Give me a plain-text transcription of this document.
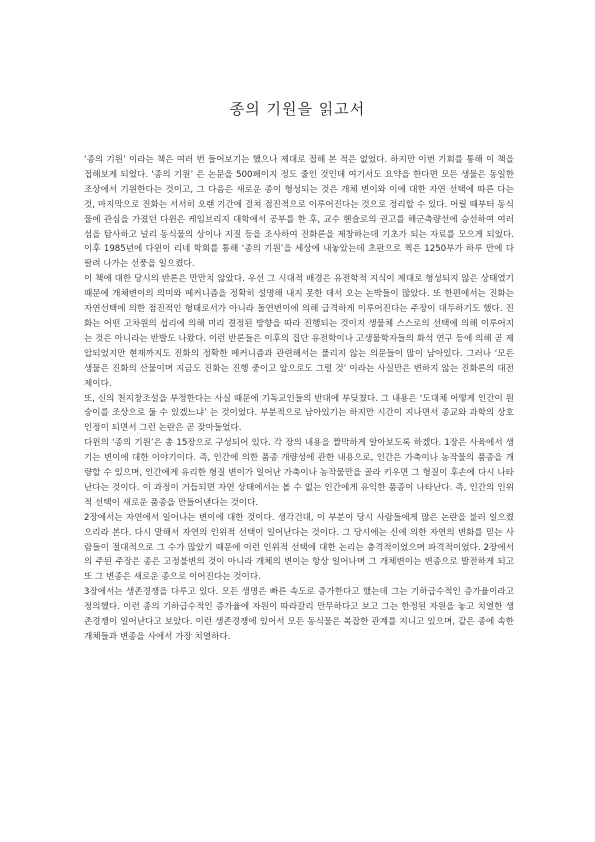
종의 기원을 읽고서

‘종의 기원’ 이라는 책은 여러 번 들어보기는 했으나 제대로 접해 본 적은 없었다. 하지만 이번 기회를 통해 이 책을 접해보게 되었다. ‘종의 기원’ 은 논문을 500페이지 정도 줄인 것인데 여기서도 요약을 한다면 모든 생물은 동일한 조상에서 기원한다는 것이고, 그 다음은 새로운 종이 형성되는 것은 개체 변이와 이에 대한 자연 선택에 따른 다는 것, 마지막으로 진화는 서서히 오랜 기간에 걸쳐 점진적으로 이루어진다는 것으로 정리할 수 있다. 어릴 때부터 동식물에 관심을 가졌던 다윈은 케임브리지 대학에서 공부를 한 후, 교수 헨슬로의 권고를 해군측량선에 승선하여 여러 섬을 탐사하고 널리 동식물의 상이나 지질 등을 조사하여 진화론을 제창하는데 기초가 되는 자료를 모으게 되었다. 이후 1985년에 다윈이 리네 학회를 통해 ‘종의 기원’을 세상에 내놓았는데 초판으로 찍은 1250부가 하루 만에 다 팔려 나가는 선풍을 일으켰다.

이 책에 대한 당시의 반론은 만만치 않았다. 우선 그 시대적 배경은 유전학적 지식이 제대로 형성되지 않은 상태였기 때문에 개체변이의 의미와 메커니즘을 정확히 설명해 내지 못한 데서 오는 논박들이 많았다. 또 한편에서는 진화는 자연선택에 의한 점진적인 형태로서가 아니라 돌연변이에 의해 급격하게 이루어진다는 주장이 대두하기도 했다. 진화는 어떤 고차원의 섭리에 의해 미리 결정된 방향을 따라 진행되는 것이지 생물체 스스로의 선택에 의해 이루어지는 것은 아니라는 반발도 나왔다. 이런 반론들은 이후의 집단 유전학이나 고생물학자들의 화석 연구 등에 의해 곧 제압되었지만 현재까지도 진화의 정확한 메커니즘과 관련해서는 풀리지 않는 의문들이 많이 남아있다. 그러나 ‘모든 생물은 진화의 산물이며 지금도 진화는 진행 중이고 앞으로도 그럴 것’ 이라는 사실만은 변하지 않는 진화론의 대전제이다.

또, 신의 천지창조설을 부정한다는 사실 때문에 기독교인들의 반대에 부딪쳤다. 그 내용은 ‘도대체 어떻게 인간이 원숭이를 조상으로 둘 수 있겠느냐’ 는 것이었다. 부분적으로 남아있기는 하지만 시간이 지나면서 종교와 과학의 상호 인정이 되면서 그런 논란은 곧 잦아들었다.

다윈의 ‘종의 기원’은 총 15장으로 구성되어 있다. 각 장의 내용을 짤막하게 알아보도록 하겠다. 1장은 사육에서 생기는 변이에 대한 이야기이다. 즉, 인간에 의한 품종 개량성에 관한 내용으로, 인간은 가축이나 농작물의 품종을 개량할 수 있으며, 인간에게 유리한 형질 변이가 일어난 가축이나 농작물만을 골라 키우면 그 형질이 후손에 다시 나타난다는 것이다. 이 과정이 거듭되면 자연 상태에서는 볼 수 없는 인간에게 유익한 품종이 나타난다. 즉, 인간의 인위적 선택이 새로운 품종을 만들어낸다는 것이다.

2장에서는 자연에서 일어나는 변이에 대한 것이다. 생각건대, 이 부분이 당시 사람들에게 많은 논란을 불러 일으켰으리라 본다. 다시 말해서 자연의 인위적 선택이 일어난다는 것이다. 그 당시에는 신에 의한 자연의 변화를 믿는 사람들이 절대적으로 그 수가 많았기 때문에 이런 인위적 선택에 대한 논리는 충격적이었으며 파격적이었다. 2장에서의 주된 주장은 종은 고정불변의 것이 아니라 개체의 변이는 항상 일어나며 그 개체변이는 변종으로 발전하게 되고 또 그 변종은 새로운 종으로 이어진다는 것이다.

3장에서는 생존경쟁을 다루고 있다. 모든 생명은 빠른 속도로 증가한다고 했는데 그는 기하급수적인 증가율이라고 정의했다. 이런 종의 기하급수적인 증가율에 자원이 따라갈리 만무하다고 보고 그는 한정된 자원을 놓고 치열한 생존경쟁이 일어난다고 보았다. 이런 생존경쟁에 있어서 모든 동식물은 복잡한 관계를 지니고 있으며, 같은 종에 속한 개체들과 변종을 사에서 가장 치열하다.
